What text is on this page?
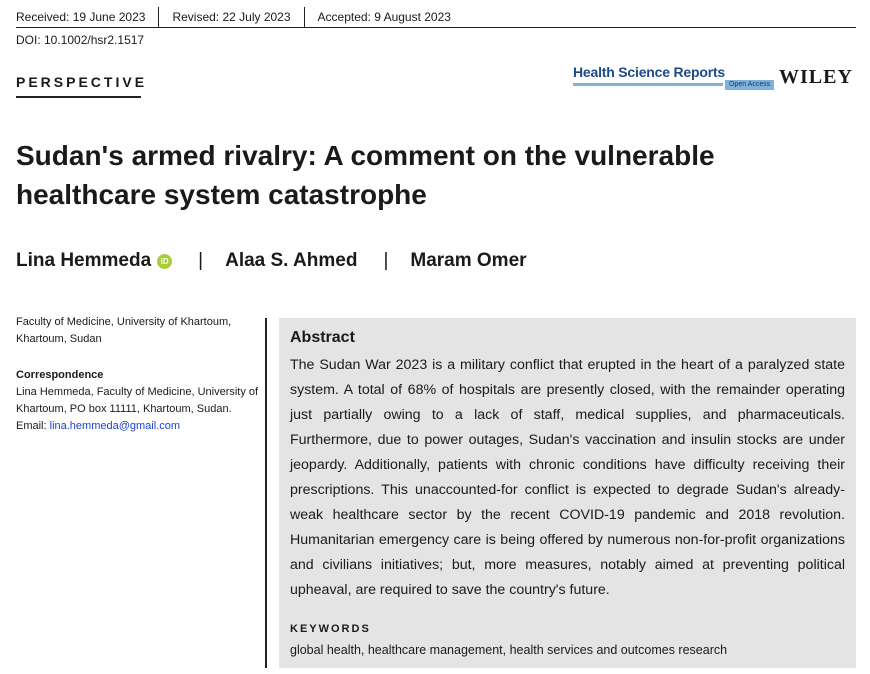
Received: 19 June 2023	Revised: 22 July 2023	Accepted: 9 August 2023
DOI: 10.1002/hsr2.1517
PERSPECTIVE
Health Science Reports
Open Access WILEY
Sudan's armed rivalry: A comment on the vulnerable healthcare system catastrophe
Lina Hemmeda	iD | Alaa S. Ahmed | Maram Omer
Faculty of Medicine, University of Khartoum, Khartoum, Sudan
Correspondence
Lina Hemmeda, Faculty of Medicine, University of Khartoum, PO box 11111, Khartoum, Sudan.
Email: lina.hemmeda@gmail.com
Abstract

The Sudan War 2023 is a military conflict that erupted in the heart of a paralyzed state system. A total of 68% of hospitals are presently closed, with the remainder operating just partially owing to a lack of staff, medical supplies, and pharmaceuticals. Furthermore, due to power outages, Sudan's vaccination and insulin stocks are under jeopardy. Additionally, patients with chronic conditions have difficulty receiving their prescriptions. This unaccounted-for conflict is expected to degrade Sudan's already-weak healthcare sector by the recent COVID-19 pandemic and 2018 revolution. Humanitarian emergency care is being offered by numerous non-for-profit organizations and civilians initiatives; but, more measures, notably aimed at preventing political upheaval, are required to save the country's future.

KEYWORDS
global health, healthcare management, health services and outcomes research
